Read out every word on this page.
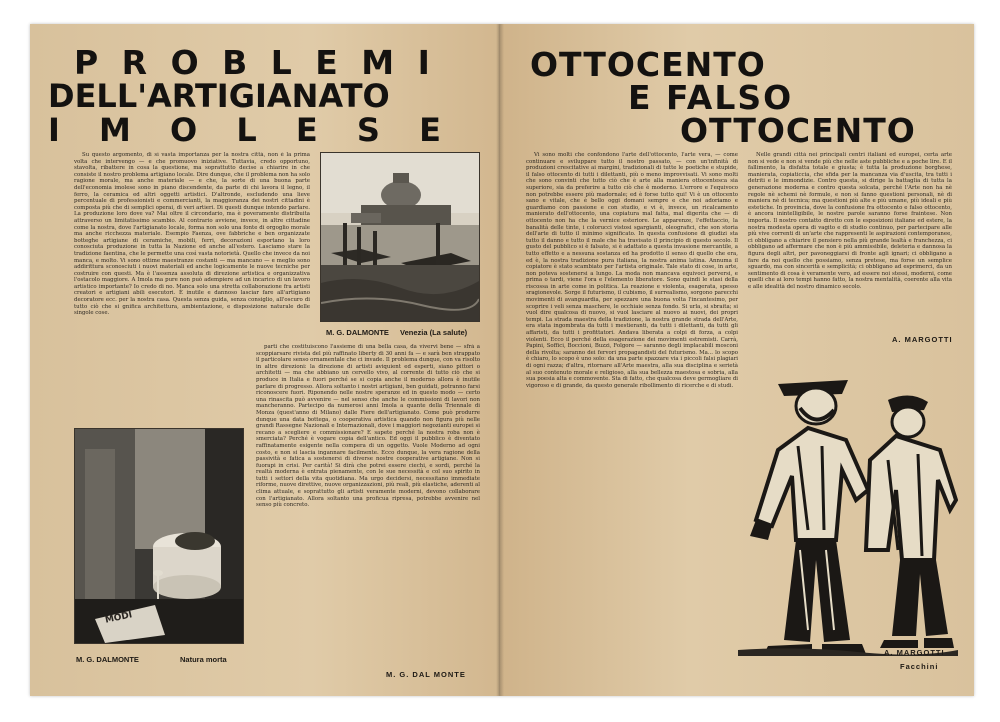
P R O B L E M I
DELL'ARTIGIANATO
I M O L E S E

Su questo argomento, di sì vasta importanza per la nostra città, non è la prima volta che intervengo — e che promuovo iniziative. Tuttavia, credo opportuno, stavolta, ribattere in cosa la questione, ma soprattutto decise a chiarire in che consiste il nostro problema artigiano locale. Dire dunque, che il problema non ha solo ragione morale, ma anche materiale — e che, la sorte di una buona parte dell'economia imolese sono in piano discendente, da parte di chi lavora il legno, il ferro, la ceramica ed altri oggetti artistici. D'altronde, escludendo una lieve percentuale di professionisti e commercianti, la maggioranza dei nostri cittadini è composta più che di semplici operai, di veri artieri. Di questi dunque intendo parlare. La produzione loro dove va? Mai oltre il circondario, ma è poveramente distribuita attraverso un limitatissimo scambio. Al contrario avviene, invece, in altre cittadine come la nostra, dove l'artigianato locale, forma non solo una fonte di orgoglio morale ma anche ricchezza materiale. Esempio Faenza, ove fabbriche e ben organizzate botteghe artigiane di ceramiche, mobili, ferri, decorazioni esportano la loro conosciuta produzione in tutta la Nazione ed anche all'estero. Lasciamo stare la tradizione faentina, che le permette una così vasta notorietà. Quello che invece da noi manca, e molto. Vi sono ottime maestranze costanti — ma mancano — e meglio sono addirittura sconosciuti i nuovi materiali ed anche logicamente le nuove tecniche per costruire con questi. Ma è l'assenza assoluta di direzione artistica e organizzativa l'ostacolo maggiore. A Imola ma pure non può adempiere ad un incarico di un lavoro artistico importante? Io credo di no. Manca solo una stretta collaborazione fra artisti creatori e artigiani abili esecutori. È inutile e dannoso lasciar fare all'artigiano decoratore ecc. per la nostra casa. Questa senza guida, senza consiglio, all'oscuro di tutto ciò che si gnifica architettura, ambientazione, e disposizione naturale delle singole cose.

M. G. DALMONTE Venezia (La salute)

parti che costituiscono l'assieme di una bella casa, da vivervi bene — sfrà a scoppiarsare rivista del più raffinato liberty di 30 anni fa — e sarà ben strappato il particolare senso ornamentale che ci invade. Il problema dunque, con va risolto in altre direzioni: la direzione di artisti aviquient ed esperti, siano pittori o architetti — ma che abbiano un cervello vivo, al corrente di tutto ciò che si produce in Italia e fuori perché se si copia anche il moderno allora è inutile parlare di progresso. Allora soltanto i nostri artigiani, ben guidati, potranno farsi riconoscere fuori. Riponendo nelle nostre speranze ed in questo modo — certo una rinascita può avvenire — nel senso che anche le commissioni di lavori non mancheranno. Partecipo da numerosi anni Imola a quante della Triennale di Monza (quest'anno di Milano) dalle Fiere dell'artigianato. Come può produrre dunque una data bottega, o cooperativa artistica quando non figura più nelle grandi Rassegne Nazionali e Internazionali, dove i maggiori negozianti europei si recano a scegliere e commissionare? E sapete perché la nostra roba non è smerciata? Perché è vogare copia dell'antico. Ed oggi il pubblico è diventato raffinatamente esigente nella compera di un oggetto. Vuole Moderno ad ogni costo, e non si lascia ingannare facilmente. Ecco dunque, la vera ragione della passività e fatica a sostenersi di diverse nostre cooperative artigiane. Non si fuorapi in crisi. Per carità! Si dirà che potrei essere ciechi, e sordi, perché la realtà moderna è entrata pienamente, con le sue necessità e col suo spirito in tutti i settori della vita quotidiana. Ma urgo decidersi, necessitano immediate riforme, nuove direttive, nuove organizzazioni, più reali, più elastiche, aderenti al clima attuale, e soprattutto gli artisti veramente moderni, devono collaborare con l'artigianato. Allora soltanto una proficua ripresa, potrebbe avvenire nel senso più concreto.

MODI
M. G. DALMONTE	Natura morta
M. G. DAL MONTE
OTTOCENTO
E FALSO
OTTOCENTO

Vi sono molti che confondono l'arte dell'ottocento, l'arte vera, — come continuare e sviluppare tutto il nostro passato, — con un'infinità di produzioni crescitative ai margini, tradizionali di tutte le poetiche e stupide, il falso ottocento di tutti i dilettanti, più o meno improvvisati. Vi sono molti che sono convinti che tutto ciò che è arte alla maniera ottocentesca sia superiore, sia da preferire a tutto ciò che è moderno. L'errore e l'equivoco non potrebbe essere più madornale; ed è forse tutto qui! Vi è un ottocento sano e vitale, che è bello oggi domani sempre e che noi adoriamo e guardiamo con passione e con studio, e vi è, invece, un ricalcamento manierato dell'ottocento, una copiatura mal fatta, mal digerita che — di ottocento non ha che la vernice esteriore. Le apparenze, l'effettaccio, la banalità delle tinte, i colorucci vistosi sgargianti, oleografici, che son storia dell'arte di tutto il minimo significato. In questa confusione di giudizi sta tutto il danno e tutto il male che ha travisato il principio di questo secolo. Il gusto del pubblico si è falsato, si è adattato a questa invasione mercantile, a tutto effetto e a nessuna sostanza ed ha prodotto il senso di quello che era, ed è, la nostra tradizione pura italiana, la nostra anima latina. Annuma il copiatore è stato scambiato per l'artista originale. Tale stato di cose, in arte, non poteva sostenersi a lungo. La moda non mancava equivoci perversi, e prima o tardi, viene l'ora e l'elemento liberatore. Sono quindi le stasi della riscossa in arte come in politica. La reazione e violenta, esagerata, spesso sragionevole. Sorge il futurismo, il cubismo, il surrealismo, sorgono parecchi movimenti di avanguardia, per spezzare una buona volta l'incantesimo, per scoprire i veli senza maschere, le occhiaie senza fondo. Si urla, si sbraita; si vuol dire qualcosa di nuovo, si vuol lasciare al nuovo ai nuovi, dei propri tempi. La strada maestra della tradizione, la nostra grande strada dell'Arte, era stata ingombrata da tutti i mestieranti, da tutti i dilettanti, da tutti gli affaristi, da tutti i profittatori. Andava liberata a colpi di forza, a colpi violenti. Ecco il perché della esagerazione dei movimenti estremisti. Carrà, Papini, Soffici, Boccioni, Buzzi, Folgore — saranno degli implacabili mosconi della rivolta; saranno dei fervori propagandisti del futurismo. Ma... lo scopo è chiaro, lo scopo è uno solo: da una parte spazzare via i piccoli falsi plagiari di ogni razza; d'altra, ritornare all'Arte maestra, alla sua disciplina e serietà al suo contenuto morale e religioso, alla sua bellezza maestosa e sobria, alla sua poesia alta e commovente. Sta di fatto, che qualcosa deve germogliare di vigoroso e di grande, da questo generale ribollimento di ricerche e di studi.

Nelle grandi città nei principali centri italiani ed europei, certa arte non si vede e non si vende più che nelle aste pubbliche e a poche lire. E il fallimento, la disfatta totale e giusta; è tutta la produzione borghese, manierata, copiaticcia, che sfida per la mancanza via d'uscita, tra tutti i detriti e le immondizie. Contro questa, si dirige la battaglia di tutta la generazione moderna e contro questa solcata, perché l'Arte non ha nè regole nè schemi nè formule, e non si fanno questioni personali, nè di maniera nè di tecnica; ma questioni più alte e più umane, più ideali e più estetiche. In provincia, dove la confusione fra ottocento e falso ottocento, è ancora inintelligibile, le nostre parole saranno forse fraintese. Non importa. Il nostro contatto diretto con le esposizioni italiane ed estere, la nostra modesta opera di vagito e di studio continuo, per partecipare alle più vive correnti di un'arte che rappresenti le aspirazioni contemporanee, ci obbligano a chiarire il pensiero nella più grande lealtà e franchezza, ci obbligano ad affermare che non è più ammissibile, deleteria e dannosa la figura degli altri, per pavoneggiarsi di fronte agli ignari; ci obbligano a fare da noi quello che possiamo, senza pretese, ma forse un semplice sguardo, ma con sincerità e semplicità; ci obbligano ad esprimerci, da un sentimento di cosa è veramente vero, ad essere noi stessi, moderni, come quelli che ai loro tempi hanno fatto, la nostra mentalità, coerente alla vita e alle idealità del nostro dinamico secolo.

A. MARGOTTI
A. MARGOTTI
Facchini
